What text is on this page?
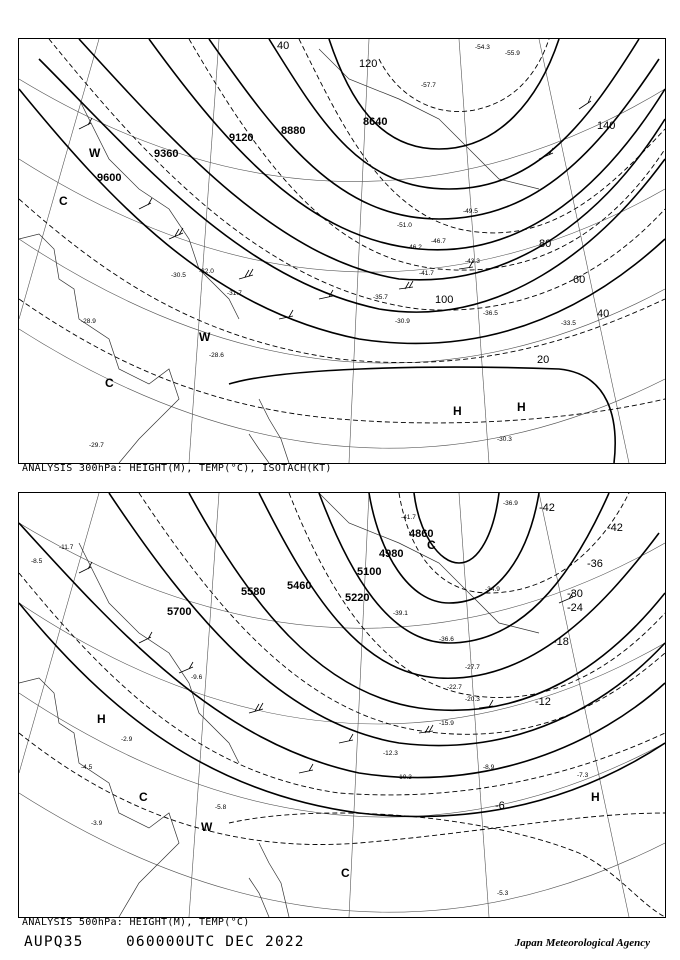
9120
8880
8640
9360
9600
120
100
80
60
40
20
140
40
-57.7
-54.3
-55.9
-46.7
-51.0
-49.5
-46.2
-43.3
-41.7
-35.7
-36.5
-33.5
-30.9
-30.5
-32.0
-31.7
-28.6
-30.3
-29.7
-28.9
H	H
C
W
W
C
ANALYSIS 300hPa: HEIGHT(M), TEMP(°C), ISOTACH(KT)
5700
5580 5460
5220
5100
4980
4860	-42
-36
-30
-24
-18
-12
-6
-42
-41.7
-36.9
-39.1
-36.6
-34.9
-27.7
-22.7
-20.3
-15.9
-12.3
-10.3
-8.9
-7.3
-5.8
-5.3
-4.5
-3.9
-2.9
-11.7
-8.5
-9.6
H
H
C
C
C
W
ANALYSIS 500hPa: HEIGHT(M), TEMP(°C)
AUPQ35	060000UTC DEC 2022	Japan Meteorological Agency
